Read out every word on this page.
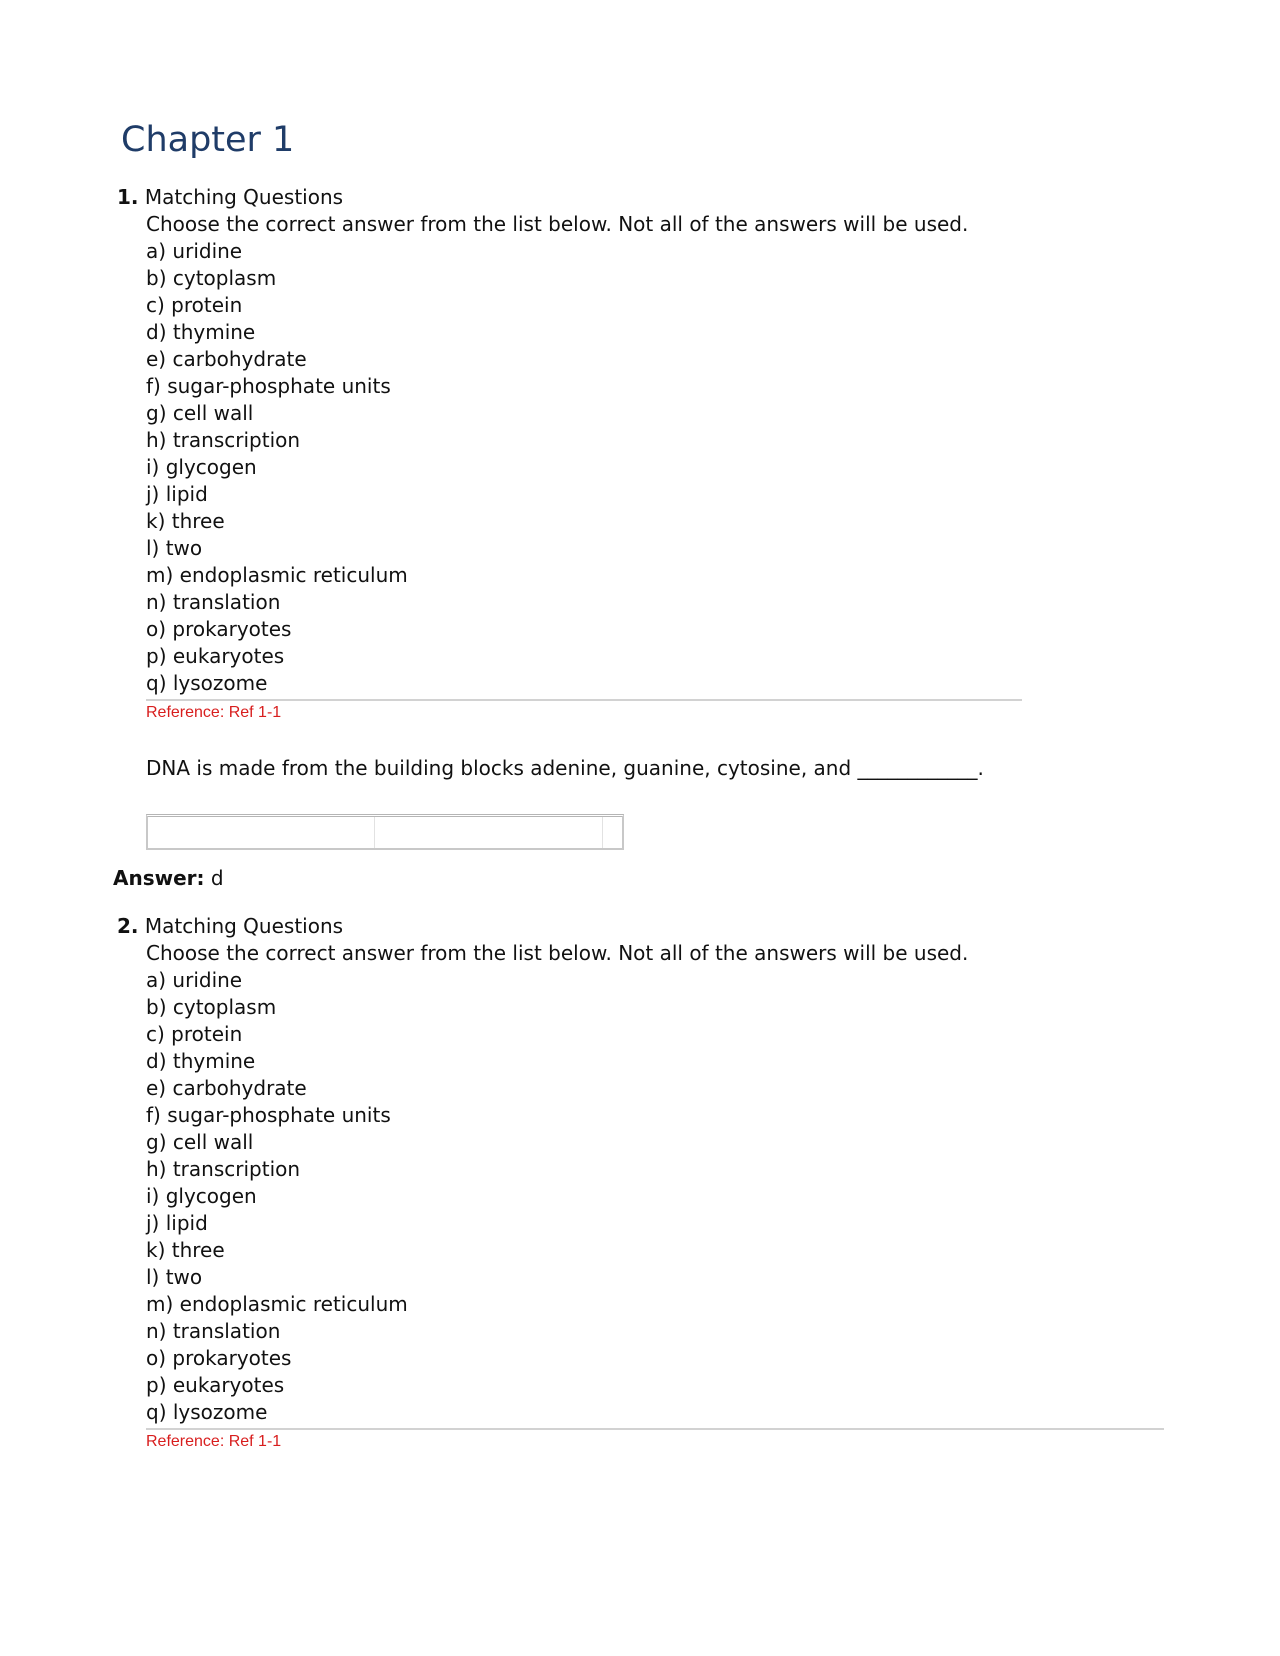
Chapter 1
1. Matching Questions
Choose the correct answer from the list below. Not all of the answers will be used.
a) uridine
b) cytoplasm
c) protein
d) thymine
e) carbohydrate
f) sugar-phosphate units
g) cell wall
h) transcription
i) glycogen
j) lipid
k) three
l) two
m) endoplasmic reticulum
n) translation
o) prokaryotes
p) eukaryotes
q) lysozome
Reference: Ref 1-1
DNA is made from the building blocks adenine, guanine, cytosine, and ____________.
Answer: d
2. Matching Questions
Choose the correct answer from the list below. Not all of the answers will be used.
a) uridine
b) cytoplasm
c) protein
d) thymine
e) carbohydrate
f) sugar-phosphate units
g) cell wall
h) transcription
i) glycogen
j) lipid
k) three
l) two
m) endoplasmic reticulum
n) translation
o) prokaryotes
p) eukaryotes
q) lysozome
Reference: Ref 1-1
